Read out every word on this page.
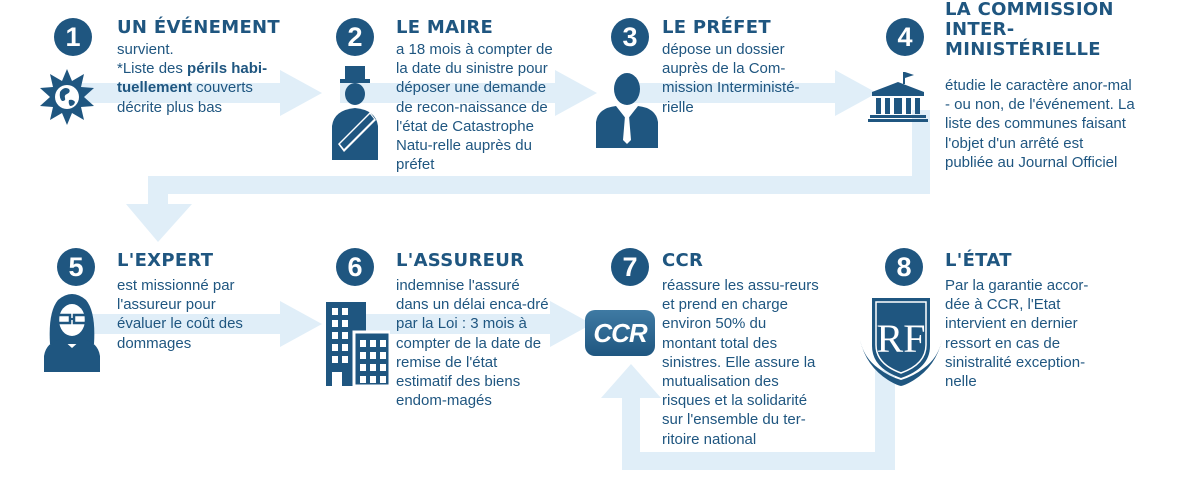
1	UN ÉVÉNEMENT

survient.

*Liste des périls habi-

tuellement couverts

décrite plus bas

2	LE MAIRE
a 18 mois à compter de la date du sinistre pour déposer une demande de recon-naissance de l'état de Catastrophe Natu-relle auprès du préfet
3	LE PRÉFET
dépose un dossier auprès de la Com-mission Interministé-rielle
4
LA COMMISSION
INTER-
MINISTÉRIELLE
étudie le caractère anor-mal - ou non, de l'événement. La liste des communes faisant l'objet d'un arrêté est publiée au Journal Officiel
5	L'EXPERT
est missionné par l'assureur pour évaluer le coût des dommages
6	L'ASSUREUR
indemnise l'assuré dans un délai enca-dré par la Loi : 3 mois à compter de la date de remise de l'état estimatif des biens endom-magés
7	CCR
réassure les assu-reurs et prend en charge environ 50% du montant total des sinistres. Elle assure la mutualisation des risques et la solidarité sur l'ensemble du ter-ritoire national
CCR
8	L'ÉTAT
Par la garantie accor-dée à CCR, l'Etat intervient en dernier ressort en cas de sinistralité exception-nelle
RF
